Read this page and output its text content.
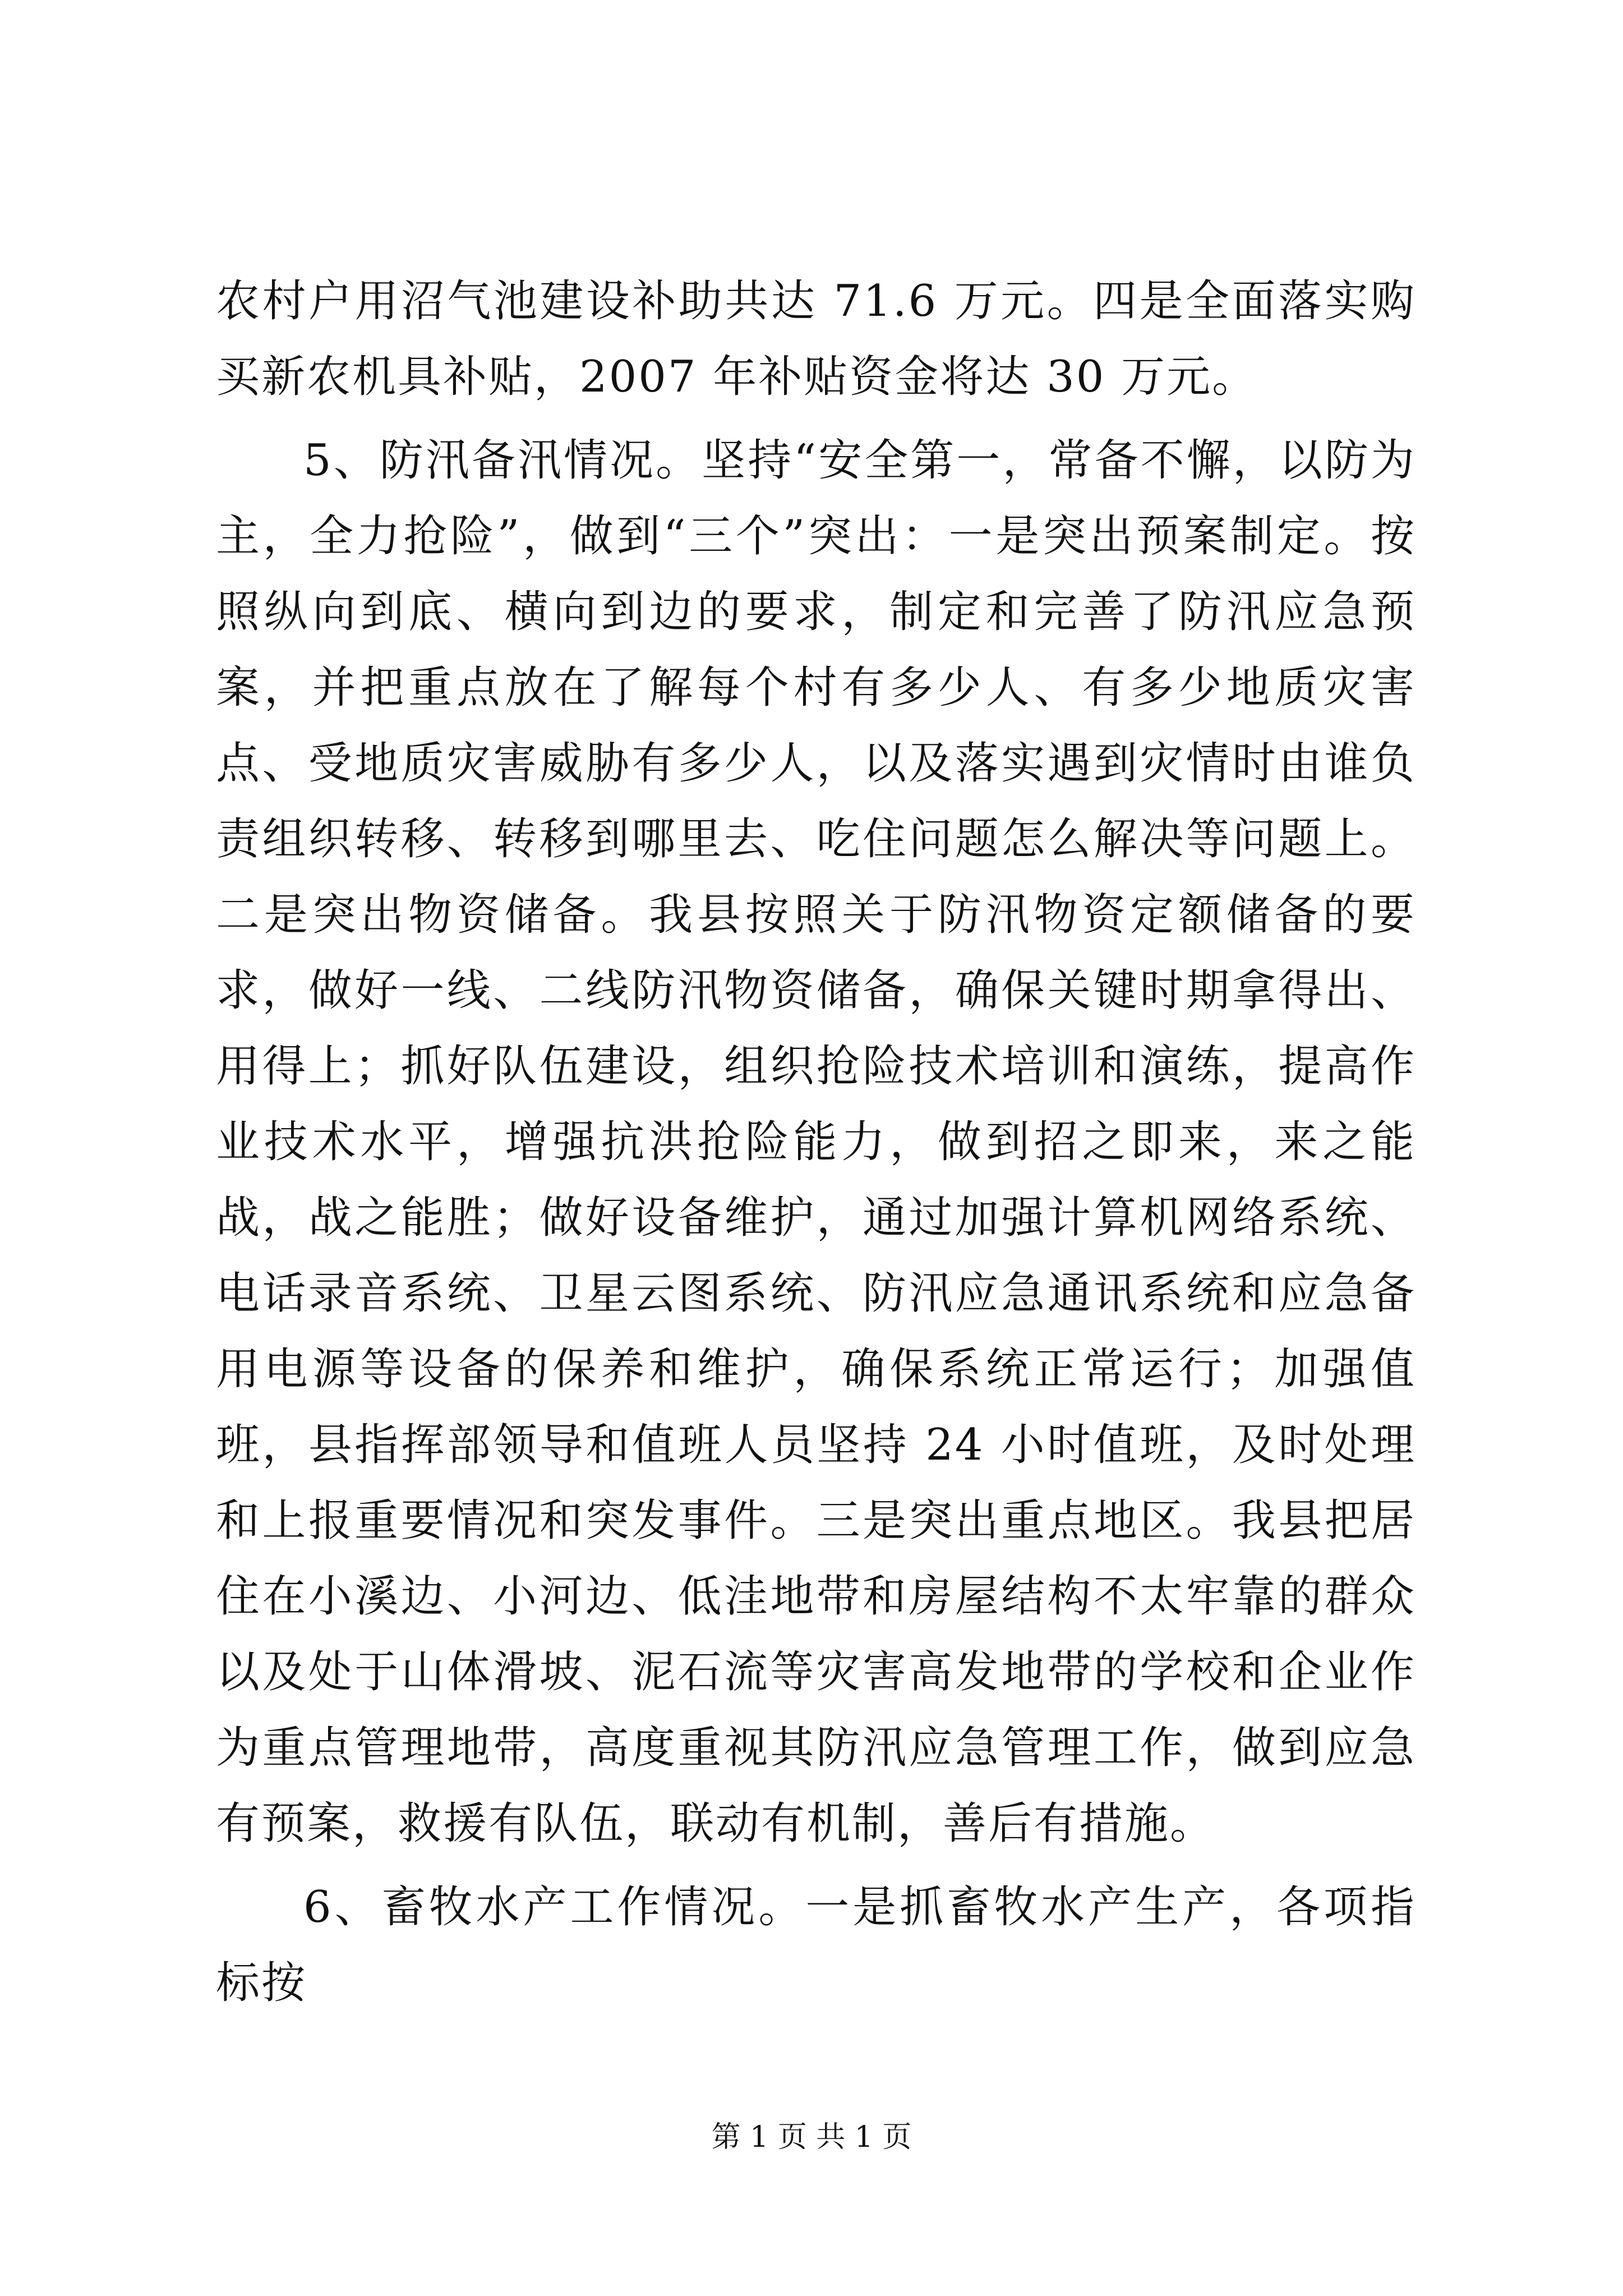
农村户用沼气池建设补助共达 71.6 万元。四是全面落实购买新农机具补贴，2007 年补贴资金将达 30 万元。

5、防汛备汛情况。坚持“安全第一，常备不懈，以防为主，全力抢险”，做到“三个”突出：一是突出预案制定。按照纵向到底、横向到边的要求，制定和完善了防汛应急预案，并把重点放在了解每个村有多少人、有多少地质灾害点、受地质灾害威胁有多少人，以及落实遇到灾情时由谁负责组织转移、转移到哪里去、吃住问题怎么解决等问题上。二是突出物资储备。我县按照关于防汛物资定额储备的要求，做好一线、二线防汛物资储备，确保关键时期拿得出、用得上；抓好队伍建设，组织抢险技术培训和演练，提高作业技术水平，增强抗洪抢险能力，做到招之即来，来之能战，战之能胜；做好设备维护，通过加强计算机网络系统、电话录音系统、卫星云图系统、防汛应急通讯系统和应急备用电源等设备的保养和维护，确保系统正常运行；加强值班，县指挥部领导和值班人员坚持 24 小时值班，及时处理和上报重要情况和突发事件。三是突出重点地区。我县把居住在小溪边、小河边、低洼地带和房屋结构不太牢靠的群众以及处于山体滑坡、泥石流等灾害高发地带的学校和企业作为重点管理地带，高度重视其防汛应急管理工作，做到应急有预案，救援有队伍，联动有机制，善后有措施。

6、畜牧水产工作情况。一是抓畜牧水产生产，各项指标按

第 1 页 共 1 页
